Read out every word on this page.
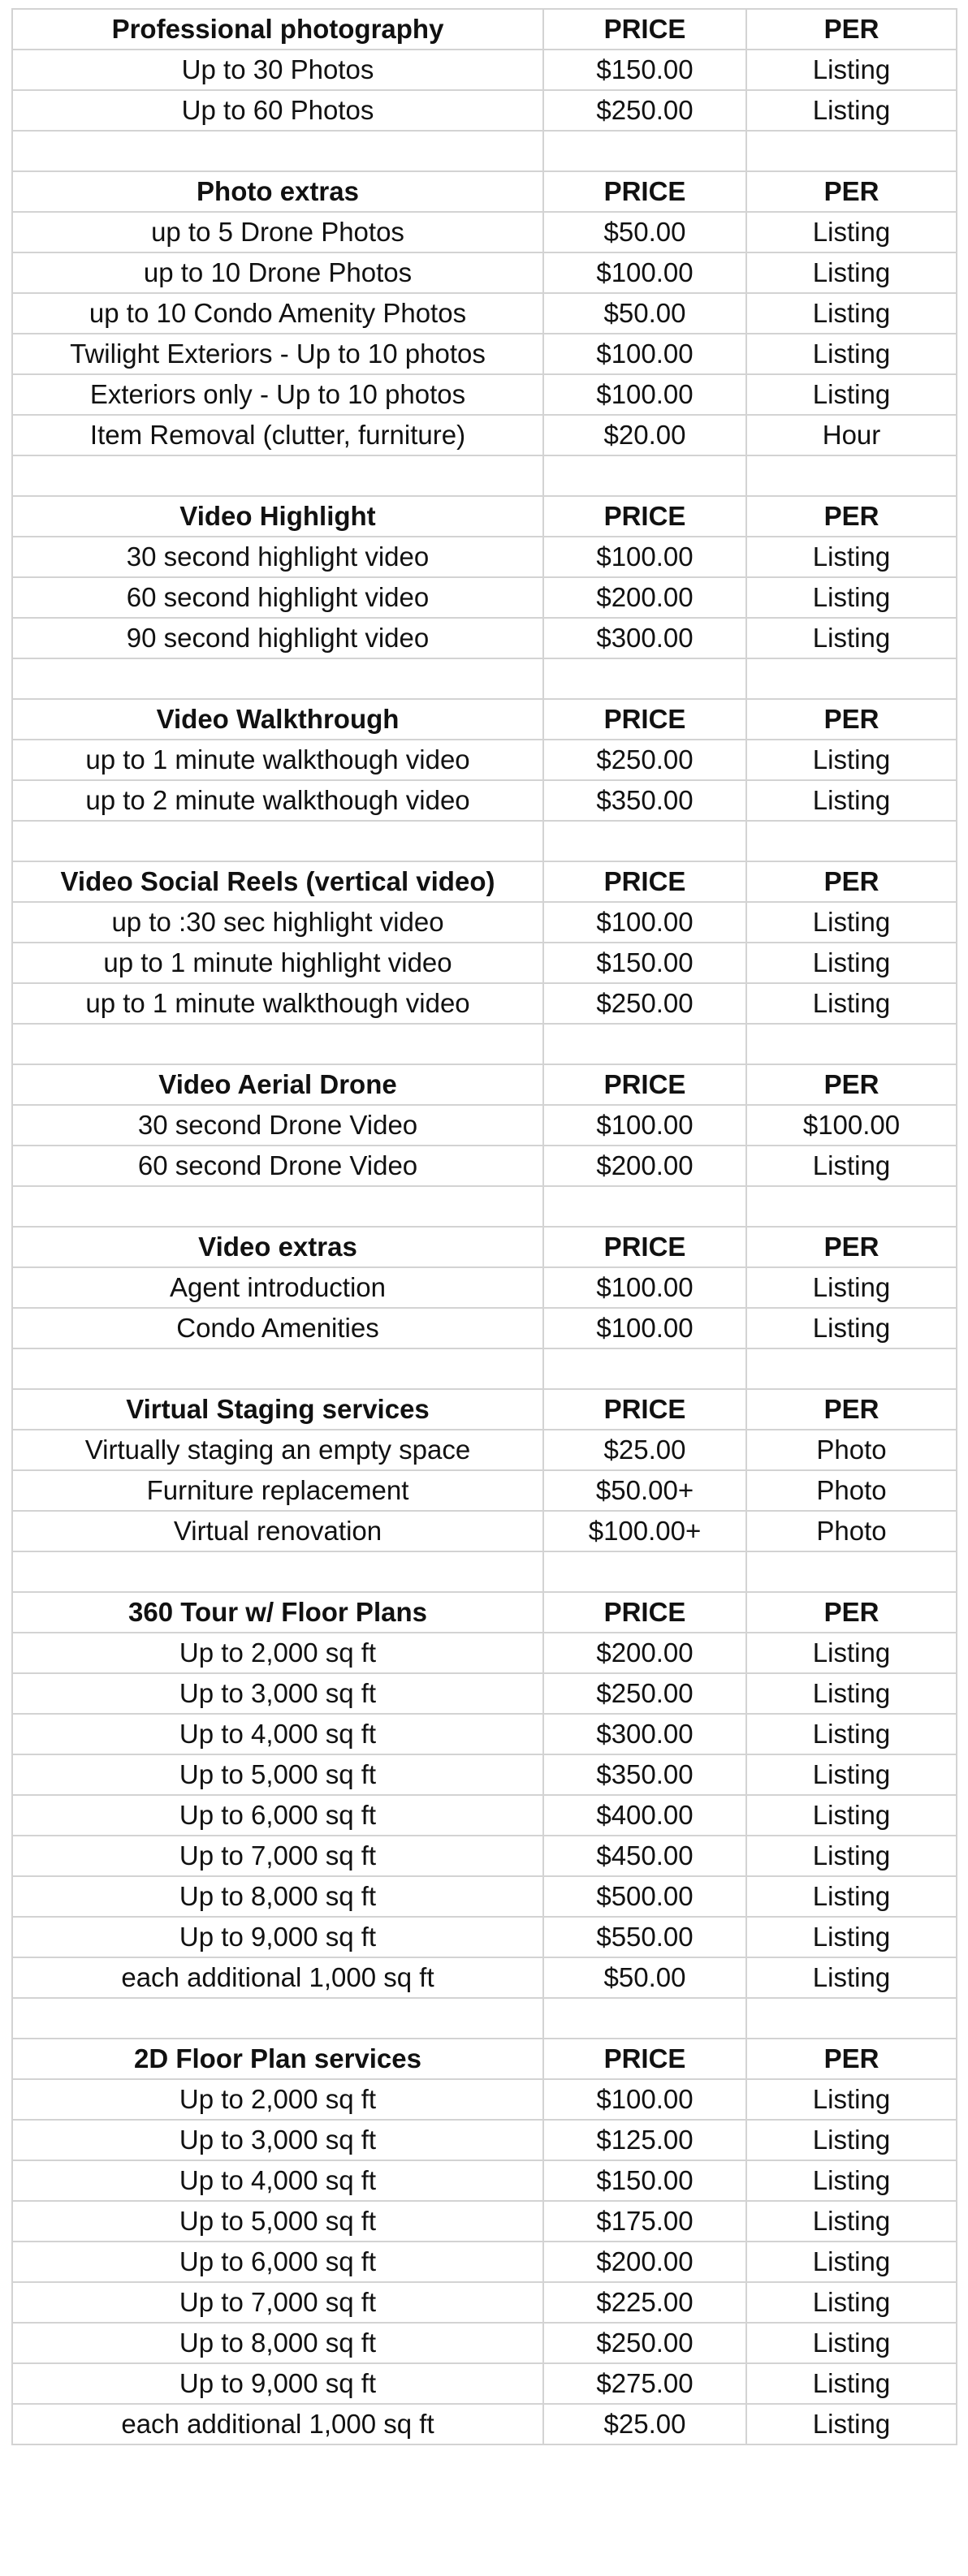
Professional photography	PRICE	PER
Up to 30 Photos	$150.00	Listing
Up to 60 Photos	$250.00	Listing

Photo extras	PRICE	PER
up to 5 Drone Photos	$50.00	Listing
up to 10 Drone Photos	$100.00	Listing
up to 10 Condo Amenity Photos	$50.00	Listing
Twilight Exteriors - Up to 10 photos	$100.00	Listing
Exteriors only - Up to 10 photos	$100.00	Listing
Item Removal (clutter, furniture)	$20.00	Hour

Video Highlight	PRICE	PER
30 second highlight video	$100.00	Listing
60 second highlight video	$200.00	Listing
90 second highlight video	$300.00	Listing

Video Walkthrough	PRICE	PER
up to 1 minute walkthough video	$250.00	Listing
up to 2 minute walkthough video	$350.00	Listing

Video Social Reels (vertical video)	PRICE	PER
up to :30 sec highlight video	$100.00	Listing
up to 1 minute highlight video	$150.00	Listing
up to 1 minute walkthough video	$250.00	Listing

Video Aerial Drone	PRICE	PER
30 second Drone Video	$100.00	$100.00
60 second Drone Video	$200.00	Listing

Video extras	PRICE	PER
Agent introduction	$100.00	Listing
Condo Amenities	$100.00	Listing

Virtual Staging services	PRICE	PER
Virtually staging an empty space	$25.00	Photo
Furniture replacement	$50.00+	Photo
Virtual renovation	$100.00+	Photo

360 Tour w/ Floor Plans	PRICE	PER
Up to 2,000 sq ft	$200.00	Listing
Up to 3,000 sq ft	$250.00	Listing
Up to 4,000 sq ft	$300.00	Listing
Up to 5,000 sq ft	$350.00	Listing
Up to 6,000 sq ft	$400.00	Listing
Up to 7,000 sq ft	$450.00	Listing
Up to 8,000 sq ft	$500.00	Listing
Up to 9,000 sq ft	$550.00	Listing
each additional 1,000 sq ft	$50.00	Listing

2D Floor Plan services	PRICE	PER
Up to 2,000 sq ft	$100.00	Listing
Up to 3,000 sq ft	$125.00	Listing
Up to 4,000 sq ft	$150.00	Listing
Up to 5,000 sq ft	$175.00	Listing
Up to 6,000 sq ft	$200.00	Listing
Up to 7,000 sq ft	$225.00	Listing
Up to 8,000 sq ft	$250.00	Listing
Up to 9,000 sq ft	$275.00	Listing
each additional 1,000 sq ft	$25.00	Listing
